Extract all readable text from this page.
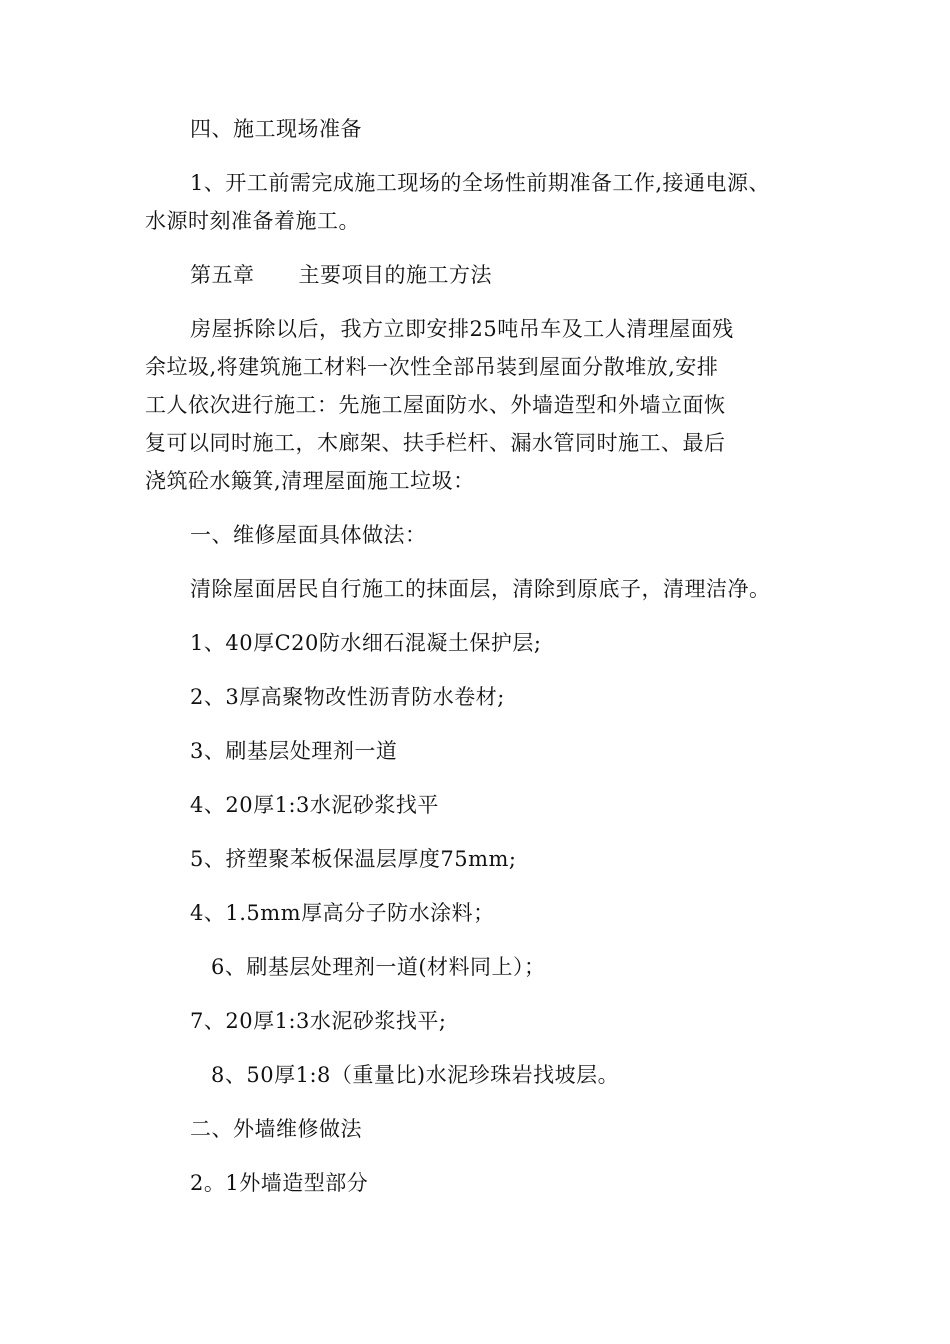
四、施工现场准备
1、开工前需完成施工现场的全场性前期准备工作,接通电源、
水源时刻准备着施工。
第五章 主要项目的施工方法
房屋拆除以后，我方立即安排25吨吊车及工人清理屋面残
余垃圾,将建筑施工材料一次性全部吊装到屋面分散堆放,安排
工人依次进行施工：先施工屋面防水、外墙造型和外墙立面恢
复可以同时施工，木廊架、扶手栏杆、漏水管同时施工、最后
浇筑砼水簸箕,清理屋面施工垃圾：
一、维修屋面具体做法：
清除屋面居民自行施工的抹面层，清除到原底子，清理洁净。
1、40厚C20防水细石混凝土保护层;
2、3厚高聚物改性沥青防水卷材;
3、刷基层处理剂一道
4、20厚1:3水泥砂浆找平
5、挤塑聚苯板保温层厚度75mm;
4、1.5mm厚高分子防水涂料；
6、刷基层处理剂一道(材料同上）；
7、20厚1:3水泥砂浆找平;
8、50厚1:8（重量比)水泥珍珠岩找坡层。
二、外墙维修做法
2。1外墙造型部分
